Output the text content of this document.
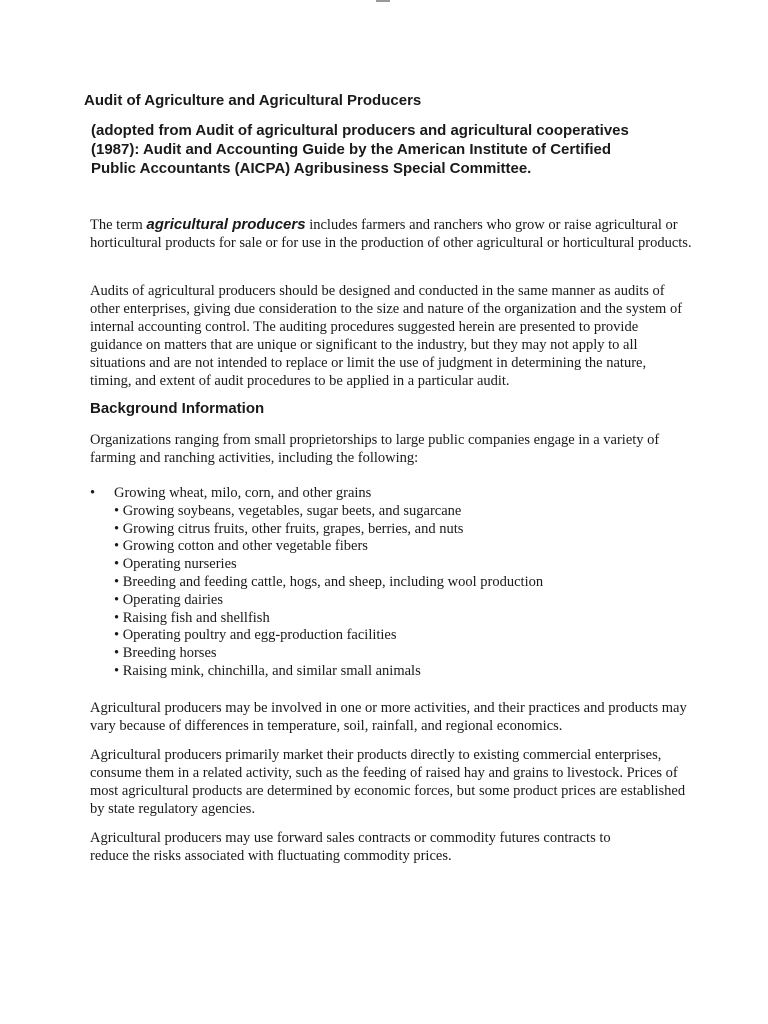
Audit of Agriculture and Agricultural Producers
(adopted from Audit of agricultural producers and agricultural cooperatives
(1987): Audit and Accounting Guide by the American Institute of Certified
Public Accountants (AICPA) Agribusiness Special Committee.

The term agricultural producers includes farmers and ranchers who grow or raise agricultural or horticultural products for sale or for use in the production of other agricultural or horticultural products.

Audits of agricultural producers should be designed and conducted in the same manner as audits of other enterprises, giving due consideration to the size and nature of the organization and the system of internal accounting control. The auditing procedures suggested herein are presented to provide guidance on matters that are unique or significant to the industry, but they may not apply to all situations and are not intended to replace or limit the use of judgment in determining the nature, timing, and extent of audit procedures to be applied in a particular audit.

Background Information

Organizations ranging from small proprietorships to large public companies engage in a variety of farming and ranching activities, including the following:

• Growing wheat, milo, corn, and other grains
• Growing soybeans, vegetables, sugar beets, and sugarcane
• Growing citrus fruits, other fruits, grapes, berries, and nuts
• Growing cotton and other vegetable fibers
• Operating nurseries
• Breeding and feeding cattle, hogs, and sheep, including wool production
• Operating dairies
• Raising fish and shellfish
• Operating poultry and egg-production facilities
• Breeding horses
• Raising mink, chinchilla, and similar small animals

Agricultural producers may be involved in one or more activities, and their practices and products may vary because of differences in temperature, soil, rainfall, and regional economics.

Agricultural producers primarily market their products directly to existing commercial enterprises, consume them in a related activity, such as the feeding of raised hay and grains to livestock. Prices of most agricultural products are determined by economic forces, but some product prices are established by state regulatory agencies.

Agricultural producers may use forward sales contracts or commodity futures contracts to reduce the risks associated with fluctuating commodity prices.
